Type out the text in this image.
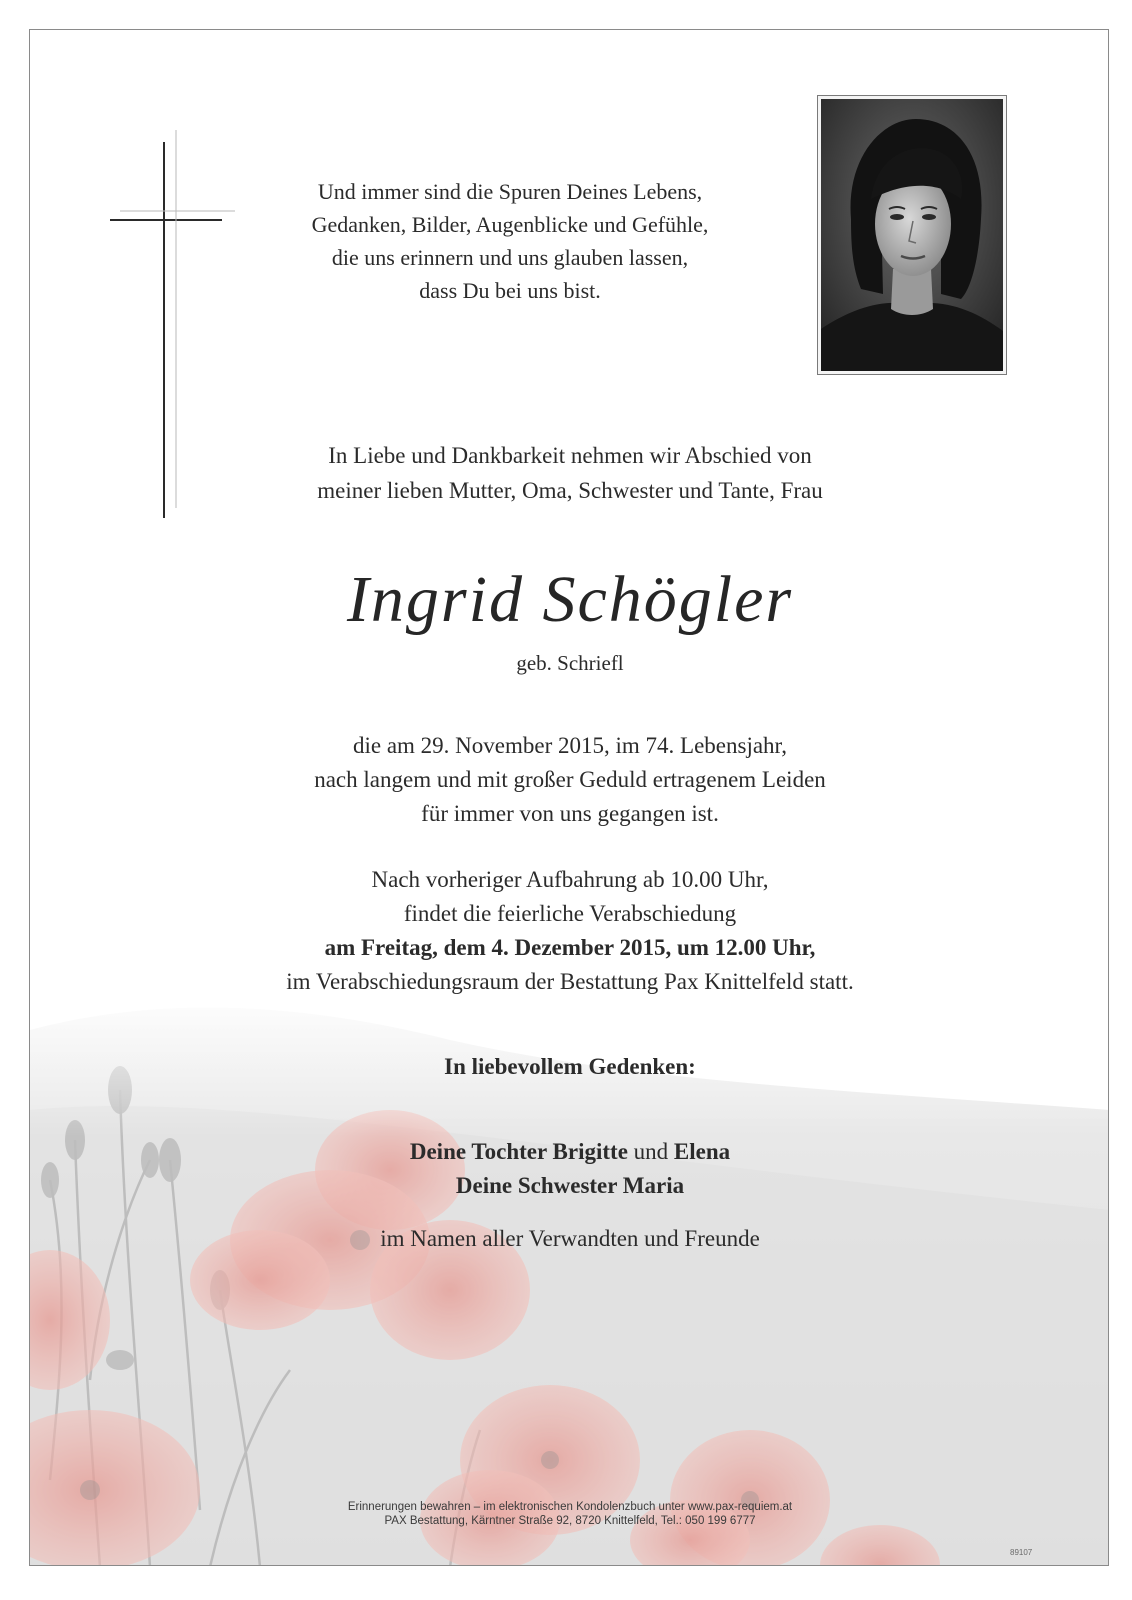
Und immer sind die Spuren Deines Lebens,
Gedanken, Bilder, Augenblicke und Gefühle,
die uns erinnern und uns glauben lassen,
dass Du bei uns bist.
In Liebe und Dankbarkeit nehmen wir Abschied von
meiner lieben Mutter, Oma, Schwester und Tante, Frau
Ingrid Schögler
geb. Schriefl
die am 29. November 2015, im 74. Lebensjahr,
nach langem und mit großer Geduld ertragenem Leiden
für immer von uns gegangen ist.
Nach vorheriger Aufbahrung ab 10.00 Uhr,
findet die feierliche Verabschiedung
am Freitag, dem 4. Dezember 2015, um 12.00 Uhr,
im Verabschiedungsraum der Bestattung Pax Knittelfeld statt.
In liebevollem Gedenken:
Deine Tochter Brigitte und Elena
Deine Schwester Maria
im Namen aller Verwandten und Freunde
Erinnerungen bewahren – im elektronischen Kondolenzbuch unter www.pax-requiem.at
PAX Bestattung, Kärntner Straße 92, 8720 Knittelfeld, Tel.: 050 199 6777
89107
